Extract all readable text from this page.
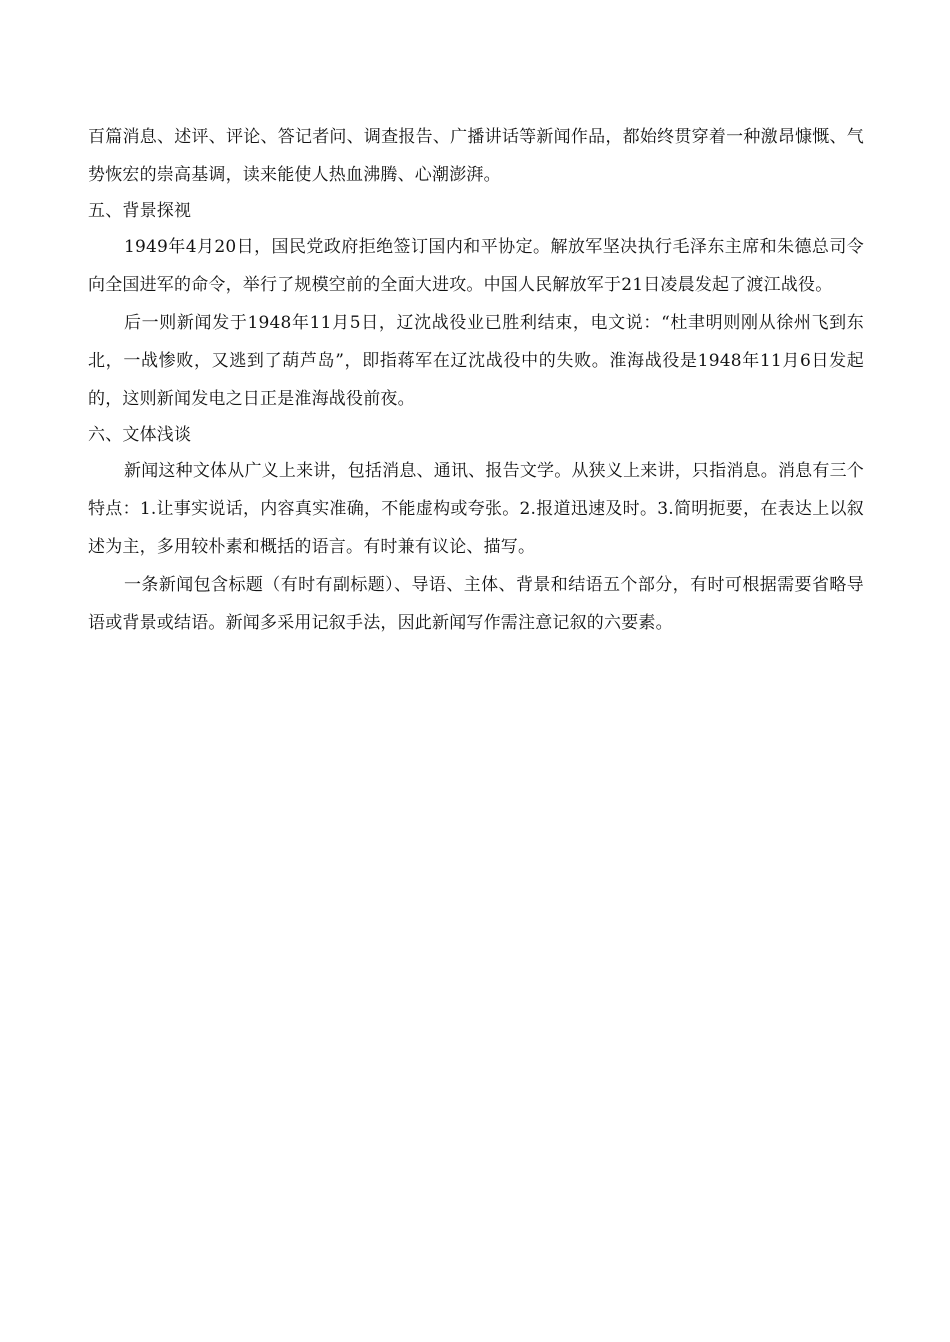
百篇消息、述评、评论、答记者问、调查报告、广播讲话等新闻作品，都始终贯穿着一种激昂慷慨、气势恢宏的崇高基调，读来能使人热血沸腾、心潮澎湃。

五、背景探视

1949年4月20日，国民党政府拒绝签订国内和平协定。解放军坚决执行毛泽东主席和朱德总司令向全国进军的命令，举行了规模空前的全面大进攻。中国人民解放军于21日凌晨发起了渡江战役。

后一则新闻发于1948年11月5日，辽沈战役业已胜利结束，电文说：“杜聿明则刚从徐州飞到东北，一战惨败，又逃到了葫芦岛”，即指蒋军在辽沈战役中的失败。淮海战役是1948年11月6日发起的，这则新闻发电之日正是淮海战役前夜。

六、文体浅谈

新闻这种文体从广义上来讲，包括消息、通讯、报告文学。从狭义上来讲，只指消息。消息有三个特点：1.让事实说话，内容真实准确，不能虚构或夸张。2.报道迅速及时。3.简明扼要，在表达上以叙述为主，多用较朴素和概括的语言。有时兼有议论、描写。

一条新闻包含标题（有时有副标题）、导语、主体、背景和结语五个部分，有时可根据需要省略导语或背景或结语。新闻多采用记叙手法，因此新闻写作需注意记叙的六要素。
